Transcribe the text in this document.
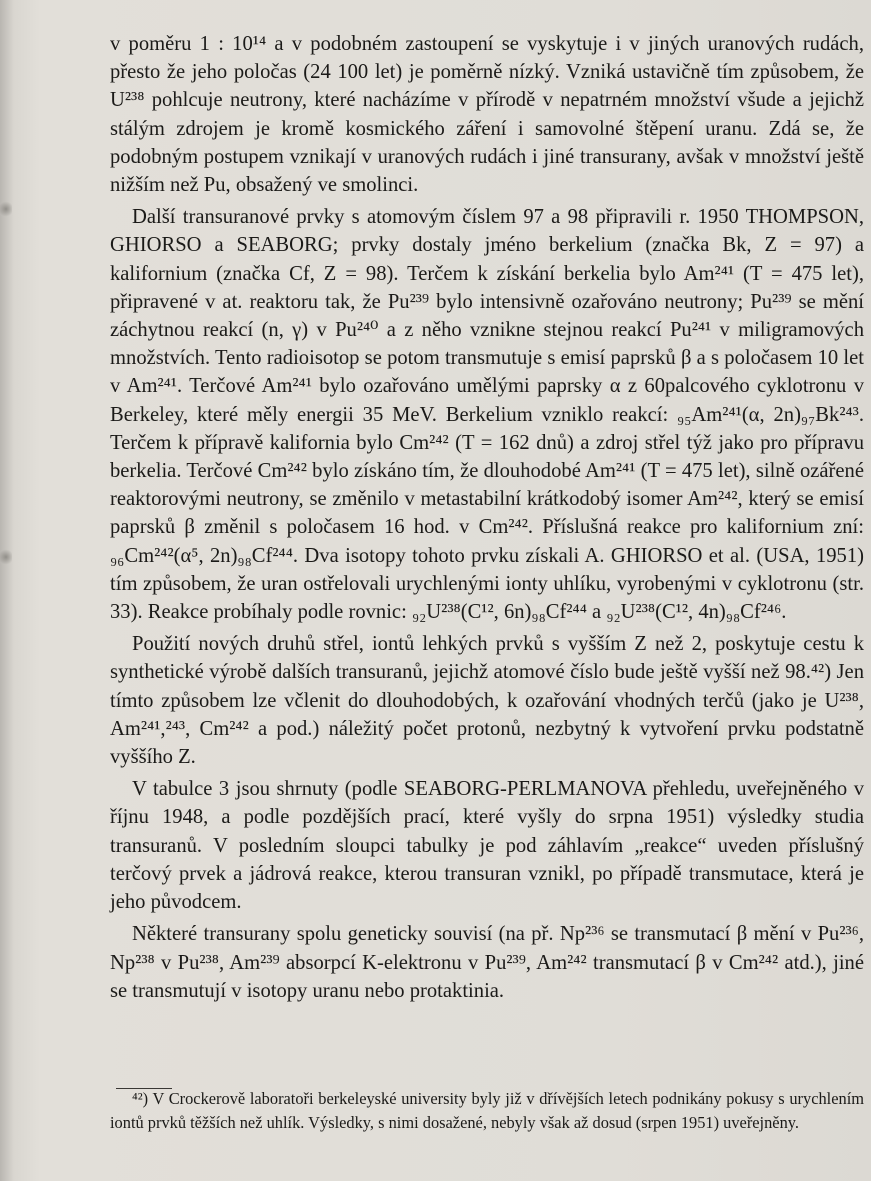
v poměru 1 : 10¹⁴ a v podobném zastoupení se vyskytuje i v jiných uranových rudách, přesto že jeho poločas (24 100 let) je poměrně nízký. Vzniká ustavičně tím způsobem, že U²³⁸ pohlcuje neutrony, které nacházíme v přírodě v nepatrném množství všude a jejichž stálým zdrojem je kromě kosmického záření i samovolné štěpení uranu. Zdá se, že podobným postupem vznikají v uranových rudách i jiné transurany, avšak v množství ještě nižším než Pu, obsažený ve smolinci.

Další transuranové prvky s atomovým číslem 97 a 98 připravili r. 1950 THOMPSON, GHIORSO a SEABORG; prvky dostaly jméno berkelium (značka Bk, Z = 97) a kalifornium (značka Cf, Z = 98). Terčem k získání berkelia bylo Am²⁴¹ (T = 475 let), připravené v at. reaktoru tak, že Pu²³⁹ bylo intensivně ozařováno neutrony; Pu²³⁹ se mění záchytnou reakcí (n, γ) v Pu²⁴⁰ a z něho vznikne stejnou reakcí Pu²⁴¹ v miligramových množstvích. Tento radioisotop se potom transmutuje s emisí paprsků β a s poločasem 10 let v Am²⁴¹. Terčové Am²⁴¹ bylo ozařováno umělými paprsky α z 60palcového cyklotronu v Berkeley, které měly energii 35 MeV. Berkelium vzniklo reakcí: ₉₅Am²⁴¹(α, 2n)₉₇Bk²⁴³. Terčem k přípravě kalifornia bylo Cm²⁴² (T = 162 dnů) a zdroj střel týž jako pro přípravu berkelia. Terčové Cm²⁴² bylo získáno tím, že dlouhodobé Am²⁴¹ (T = 475 let), silně ozářené reaktorovými neutrony, se změnilo v metastabilní krátkodobý isomer Am²⁴², který se emisí paprsků β změnil s poločasem 16 hod. v Cm²⁴². Příslušná reakce pro kalifornium zní: ₉₆Cm²⁴²(α⁵, 2n)₉₈Cf²⁴⁴. Dva isotopy tohoto prvku získali A. GHIORSO et al. (USA, 1951) tím způsobem, že uran ostřelovali urychlenými ionty uhlíku, vyrobenými v cyklotronu (str. 33). Reakce probíhaly podle rovnic: ₉₂U²³⁸(C¹², 6n)₉₈Cf²⁴⁴ a ₉₂U²³⁸(C¹², 4n)₉₈Cf²⁴⁶.

Použití nových druhů střel, iontů lehkých prvků s vyšším Z než 2, poskytuje cestu k synthetické výrobě dalších transuranů, jejichž atomové číslo bude ještě vyšší než 98.⁴²) Jen tímto způsobem lze včlenit do dlouhodobých, k ozařování vhodných terčů (jako je U²³⁸, Am²⁴¹,²⁴³, Cm²⁴² a pod.) náležitý počet protonů, nezbytný k vytvoření prvku podstatně vyššího Z.

V tabulce 3 jsou shrnuty (podle SEABORG-PERLMANOVA přehledu, uveřejněného v říjnu 1948, a podle pozdějších prací, které vyšly do srpna 1951) výsledky studia transuranů. V posledním sloupci tabulky je pod záhlavím „reakce“ uveden příslušný terčový prvek a jádrová reakce, kterou transuran vznikl, po případě transmutace, která je jeho původcem.

Některé transurany spolu geneticky souvisí (na př. Np²³⁶ se transmutací β mění v Pu²³⁶, Np²³⁸ v Pu²³⁸, Am²³⁹ absorpcí K-elektronu v Pu²³⁹, Am²⁴² transmutací β v Cm²⁴² atd.), jiné se transmutují v isotopy uranu nebo protaktinia.

⁴²) V Crockerově laboratoři berkeleyské university byly již v dřívějších letech podnikány pokusy s urychlením iontů prvků těžších než uhlík. Výsledky, s nimi dosažené, nebyly však až dosud (srpen 1951) uveřejněny.
